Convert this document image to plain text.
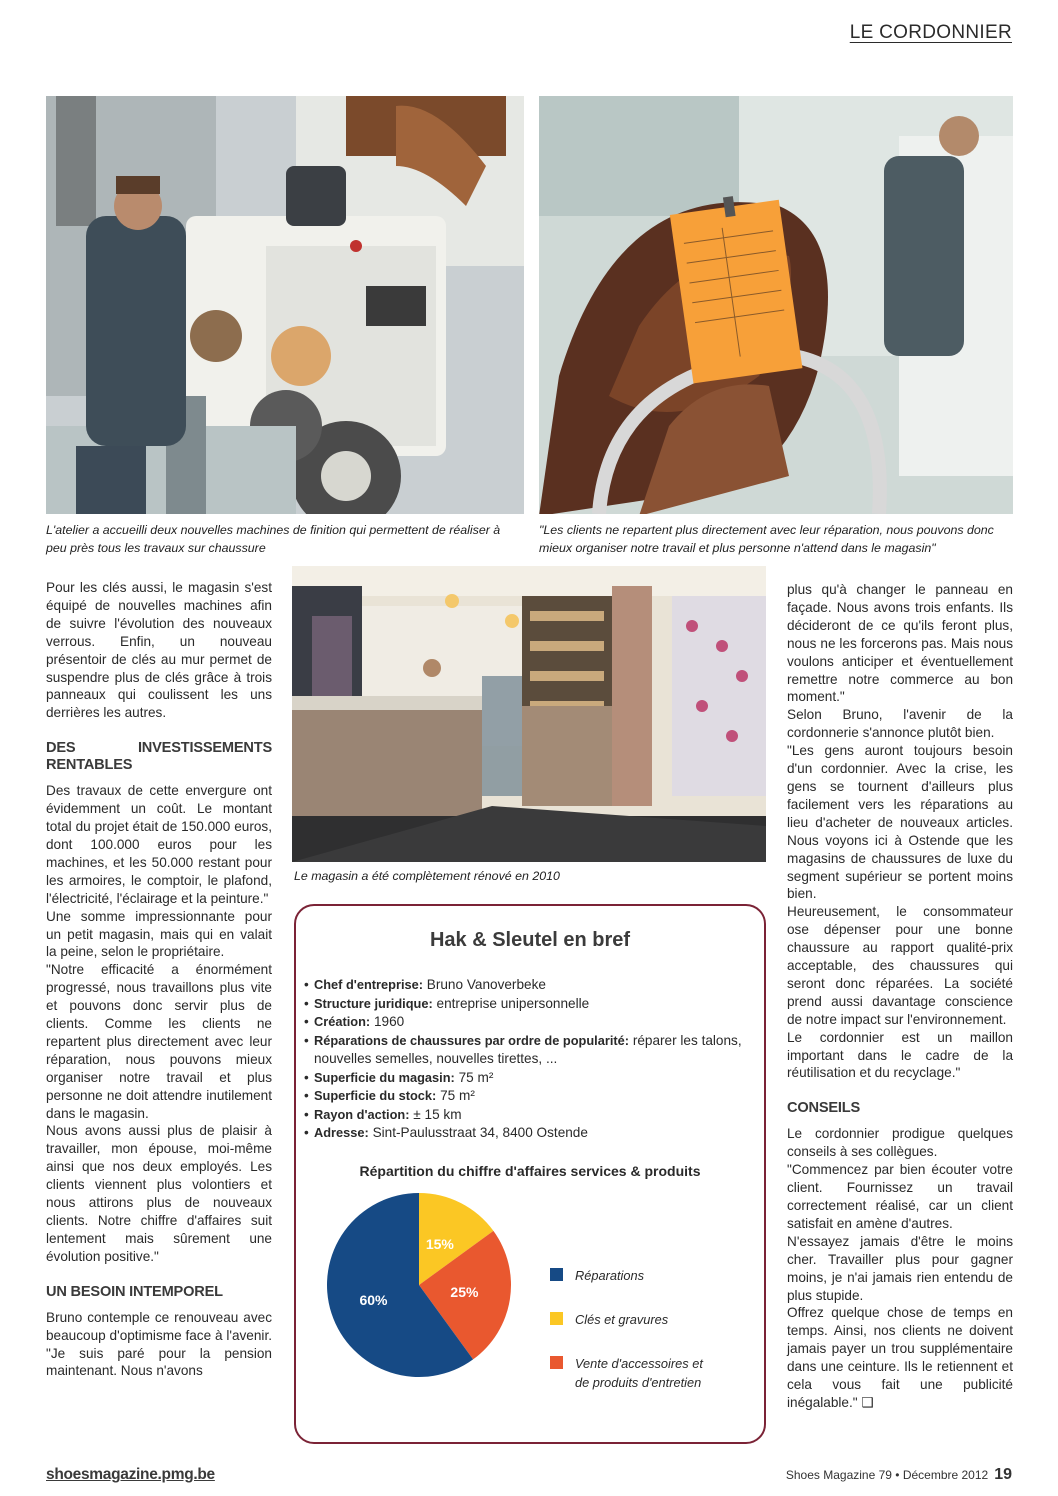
LE CORDONNIER
L'atelier a accueilli deux nouvelles machines de finition qui permettent de réaliser à peu près tous les travaux sur chaussure
"Les clients ne repartent plus directement avec leur réparation, nous pouvons donc mieux organiser notre travail et plus personne n'attend dans le magasin"
Le magasin a été complètement rénové en 2010

Pour les clés aussi, le magasin s'est équipé de nouvelles machines afin de suivre l'évolution des nouveaux verrous. Enfin, un nouveau présentoir de clés au mur permet de suspendre plus de clés grâce à trois panneaux qui coulissent les uns derrières les autres.

DES INVESTISSEMENTS RENTABLES

Des travaux de cette envergure ont évidemment un coût. Le montant total du projet était de 150.000 euros, dont 100.000 euros pour les machines, et les 50.000 restant pour les armoires, le comptoir, le plafond, l'électricité, l'éclairage et la peinture."

Une somme impressionnante pour un petit magasin, mais qui en valait la peine, selon le propriétaire.

"Notre efficacité a énormément progressé, nous travaillons plus vite et pouvons donc servir plus de clients. Comme les clients ne repartent plus directement avec leur réparation, nous pouvons mieux organiser notre travail et plus personne ne doit attendre inutilement dans le magasin.

Nous avons aussi plus de plaisir à travailler, mon épouse, moi-même ainsi que nos deux employés. Les clients viennent plus volontiers et nous attirons plus de nouveaux clients. Notre chiffre d'affaires suit lentement mais sûrement une évolution positive."

UN BESOIN INTEMPOREL

Bruno contemple ce renouveau avec beaucoup d'optimisme face à l'avenir. "Je suis paré pour la pension maintenant. Nous n'avons

plus qu'à changer le panneau en façade. Nous avons trois enfants. Ils décideront de ce qu'ils feront plus, nous ne les forcerons pas. Mais nous voulons anticiper et éventuellement remettre notre commerce au bon moment."

Selon Bruno, l'avenir de la cordonnerie s'annonce plutôt bien.

"Les gens auront toujours besoin d'un cordonnier. Avec la crise, les gens se tournent d'ailleurs plus facilement vers les réparations au lieu d'acheter de nouveaux articles. Nous voyons ici à Ostende que les magasins de chaussures de luxe du segment supérieur se portent moins bien.

Heureusement, le consommateur ose dépenser pour une bonne chaussure au rapport qualité-prix acceptable, des chaussures qui seront donc réparées. La société prend aussi davantage conscience de notre impact sur l'environnement.

Le cordonnier est un maillon important dans le cadre de la réutilisation et du recyclage."

CONSEILS

Le cordonnier prodigue quelques conseils à ses collègues.

"Commencez par bien écouter votre client. Fournissez un travail correctement réalisé, car un client satisfait en amène d'autres.

N'essayez jamais d'être le moins cher. Travailler plus pour gagner moins, je n'ai jamais rien entendu de plus stupide.

Offrez quelque chose de temps en temps. Ainsi, nos clients ne doivent jamais payer un trou supplémentaire dans une ceinture. Ils le retiennent et cela vous fait une publicité inégalable." ❑

Hak & Sleutel en bref
• Chef d'entreprise: Bruno Vanoverbeke
• Structure juridique: entreprise unipersonnelle
• Création: 1960
• Réparations de chaussures par ordre de popularité: réparer les talons, nouvelles semelles, nouvelles tirettes, ...
• Superficie du magasin: 75 m²
• Superficie du stock: 75 m²
• Rayon d'action: ± 15 km
• Adresse: Sint-Paulusstraat 34, 8400 Ostende
Répartition du chiffre d'affaires services & produits
15%
25%
60%
Réparations
Clés et gravures
Vente d'accessoires et
de produits d'entretien
shoesmagazine.pmg.be	Shoes Magazine 79 • Décembre 2012 19
